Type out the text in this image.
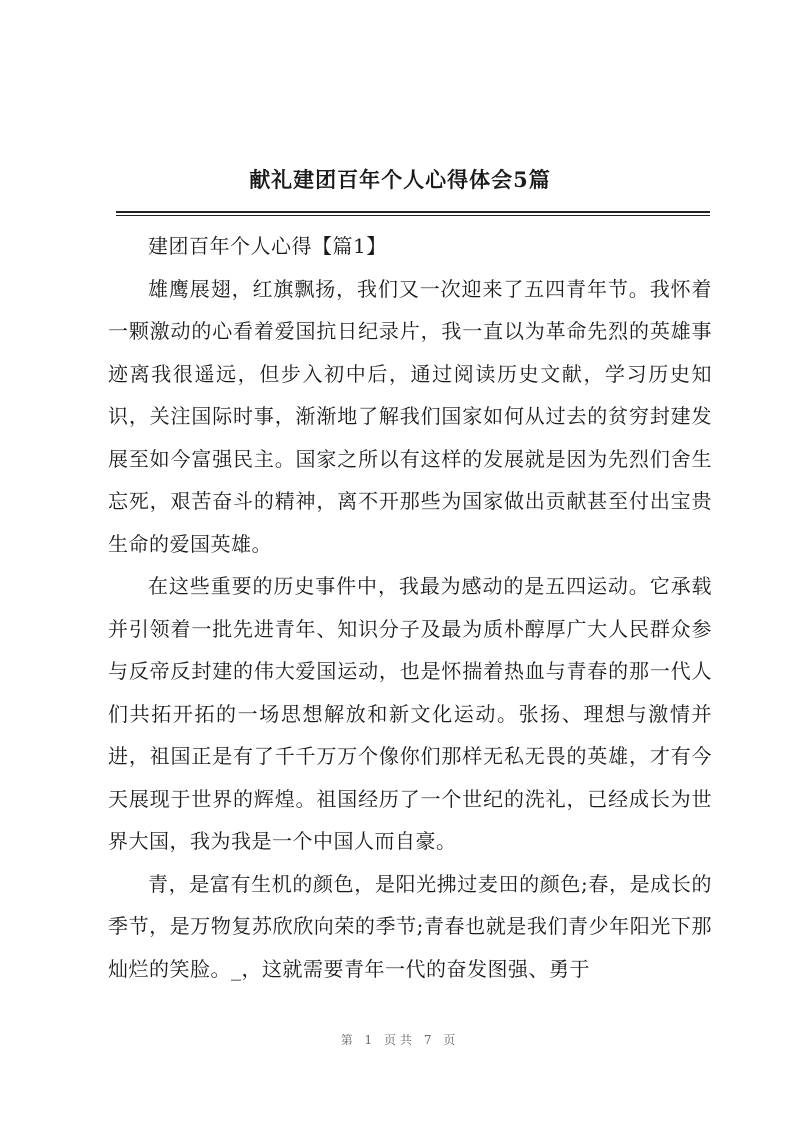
献礼建团百年个人心得体会5篇

建团百年个人心得【篇1】

雄鹰展翅，红旗飘扬，我们又一次迎来了五四青年节。我怀着一颗激动的心看着爱国抗日纪录片，我一直以为革命先烈的英雄事迹离我很遥远，但步入初中后，通过阅读历史文献，学习历史知识，关注国际时事，渐渐地了解我们国家如何从过去的贫穷封建发展至如今富强民主。国家之所以有这样的发展就是因为先烈们舍生忘死，艰苦奋斗的精神，离不开那些为国家做出贡献甚至付出宝贵生命的爱国英雄。

在这些重要的历史事件中，我最为感动的是五四运动。它承载并引领着一批先进青年、知识分子及最为质朴醇厚广大人民群众参与反帝反封建的伟大爱国运动，也是怀揣着热血与青春的那一代人们共拓开拓的一场思想解放和新文化运动。张扬、理想与激情并进，祖国正是有了千千万万个像你们那样无私无畏的英雄，才有今天展现于世界的辉煌。祖国经历了一个世纪的洗礼，已经成长为世界大国，我为我是一个中国人而自豪。

青，是富有生机的颜色，是阳光拂过麦田的颜色;春，是成长的季节，是万物复苏欣欣向荣的季节;青春也就是我们青少年阳光下那灿烂的笑脸。_，这就需要青年一代的奋发图强、勇于

第 1 页共 7 页
